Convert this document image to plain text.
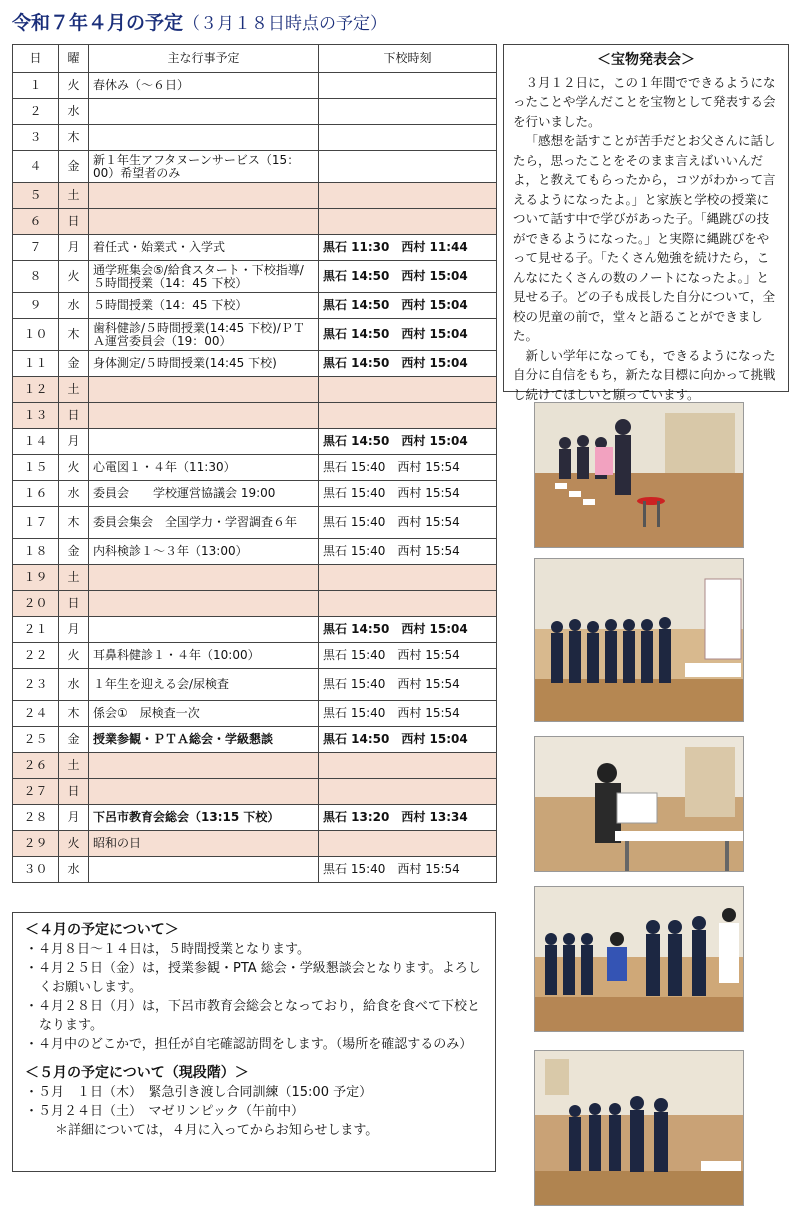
令和７年４月の予定（３月１８日時点の予定）
日	曜	主な行事予定	下校時刻
１	火	春休み（～６日）	
２	水		
３	木		
４	金	新１年生アフタヌーンサービス（15：00）希望者のみ	
５	土		
６	日		
７	月	着任式・始業式・入学式	黒石 11:30　西村 11:44
８	火	通学班集会⑤/給食スタート・下校指導/５時間授業（14：45 下校）	黒石 14:50　西村 15:04
９	水	５時間授業（14：45 下校）	黒石 14:50　西村 15:04
１０	木	歯科健診/５時間授業(14:45 下校)/ＰＴＡ運営委員会（19：00）	黒石 14:50　西村 15:04
１１	金	身体測定/５時間授業(14:45 下校)	黒石 14:50　西村 15:04
１２	土		
１３	日		
１４	月		黒石 14:50　西村 15:04
１５	火	心電図１・４年（11:30）	黒石 15:40　西村 15:54
１６	水	委員会　　学校運営協議会 19:00	黒石 15:40　西村 15:54
１７	木	委員会集会　全国学力・学習調査６年	黒石 15:40　西村 15:54
１８	金	内科検診１～３年（13:00）	黒石 15:40　西村 15:54
１９	土		
２０	日		
２１	月		黒石 14:50　西村 15:04
２２	火	耳鼻科健診１・４年（10:00）	黒石 15:40　西村 15:54
２３	水	１年生を迎える会/尿検査	黒石 15:40　西村 15:54
２４	木	係会①　尿検査一次	黒石 15:40　西村 15:54
２５	金	授業参観・ＰＴＡ総会・学級懇談	黒石 14:50　西村 15:04
２６	土		
２７	日		
２８	月	下呂市教育会総会（13:15 下校）	黒石 13:20　西村 13:34
２９	火	昭和の日	
３０	水		黒石 15:40　西村 15:54
＜宝物発表会＞

３月１２日に，この１年間でできるようになったことや学んだことを宝物として発表する会を行いました。

「感想を話すことが苦手だとお父さんに話したら，思ったことをそのまま言えばいいんだよ，と教えてもらったから，コツがわかって言えるようになったよ。」と家族と学校の授業について話す中で学びがあった子。「縄跳びの技ができるようになった。」と実際に縄跳びをやって見せる子。「たくさん勉強を続けたら，こんなにたくさんの数のノートになったよ。」と見せる子。どの子も成長した自分について，全校の児童の前で，堂々と語ることができました。

新しい学年になっても，できるようになった自分に自信をもち，新たな目標に向かって挑戦し続けてほしいと願っています。

＜４月の予定について＞
・４月８日～１４日は，５時間授業となります。
・４月２５日（金）は，授業参観・PTA 総会・学級懇談会となります。よろしくお願いします。
・４月２８日（月）は，下呂市教育会総会となっており，給食を食べて下校となります。
・４月中のどこかで，担任が自宅確認訪問をします。（場所を確認するのみ）
＜５月の予定について（現段階）＞
・５月　１日（木）　緊急引き渡し合同訓練（15:00 予定）
・５月２４日（土）　マゼリンピック（午前中）
＊詳細については，４月に入ってからお知らせします。
